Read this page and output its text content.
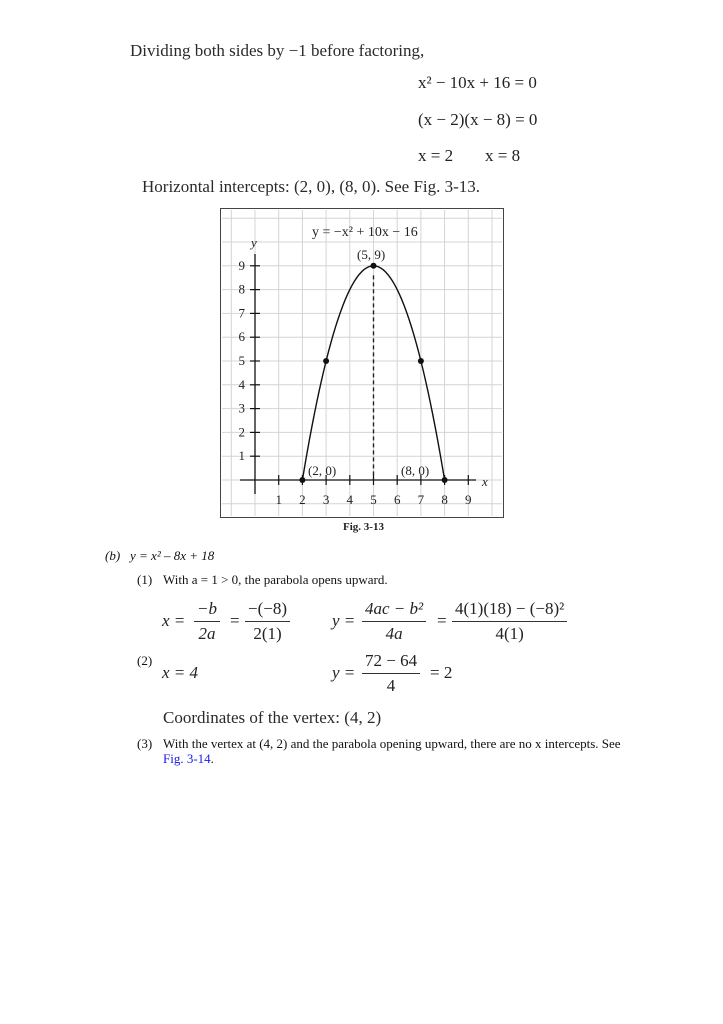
Dividing both sides by −1 before factoring,
x² − 10x + 16 = 0
(x − 2)(x − 8) = 0
x = 2 x = 8
Horizontal intercepts: (2, 0), (8, 0). See Fig. 3-13.
1 2 3 4 5 6 7 8 9
1
2
3
4
5
6
7
8
9
y = −x² + 10x − 16
(5, 9)
(2, 0)	(8, 0)
x
y
Fig. 3-13
(b) y = x² – 8x + 18
(1) With a = 1 > 0, the parabola opens upward.
$x = \frac{-b}{2a} = \frac{-(-8)}{2(1)}$ $y = \frac{\text{4ac − b²}}{4a} = \frac{\text{4(1)(18) − (−8)²}}{4(1)}$
(2)
x = 4	$y = \frac{72 - 64}{4} = 2$
Coordinates of the vertex: (4, 2)
(3) With the vertex at (4, 2) and the parabola opening upward, there are no x intercepts. See
Fig. 3-14.
